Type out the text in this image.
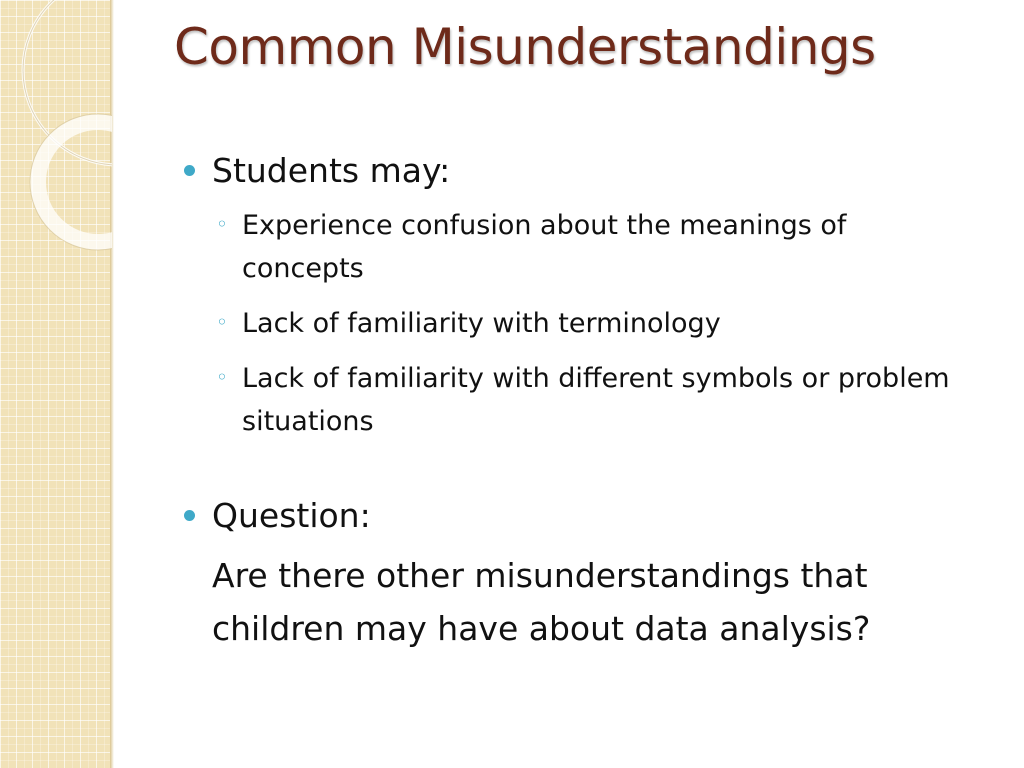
Common Misunderstandings

Students may:

◦ Experience confusion about the meanings of concepts
◦ Lack of familiarity with terminology
◦ Lack of familiarity with different symbols or problem situations

Question:

Are there other misunderstandings that children may have about data analysis?
